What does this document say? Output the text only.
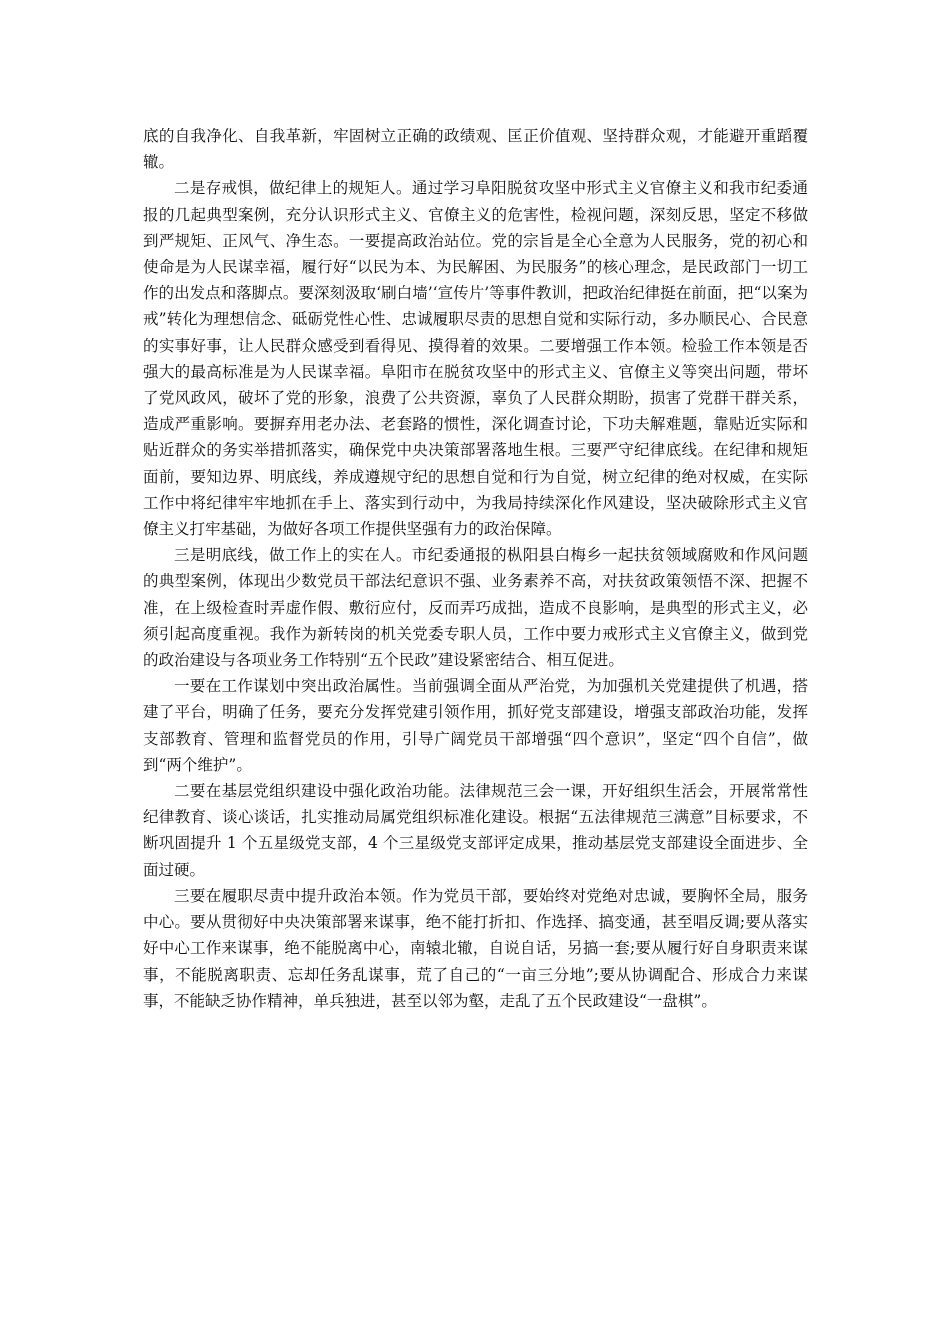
底的自我净化、自我革新，牢固树立正确的政绩观、匡正价值观、坚持群众观，才能避开重蹈覆辙。

二是存戒惧，做纪律上的规矩人。通过学习阜阳脱贫攻坚中形式主义官僚主义和我市纪委通报的几起典型案例，充分认识形式主义、官僚主义的危害性，检视问题，深刻反思，坚定不移做到严规矩、正风气、净生态。一要提高政治站位。党的宗旨是全心全意为人民服务，党的初心和使命是为人民谋幸福，履行好“以民为本、为民解困、为民服务”的核心理念，是民政部门一切工作的出发点和落脚点。要深刻汲取‘刷白墙’‘宣传片’等事件教训，把政治纪律挺在前面，把“以案为戒”转化为理想信念、砥砺党性心性、忠诚履职尽责的思想自觉和实际行动，多办顺民心、合民意的实事好事，让人民群众感受到看得见、摸得着的效果。二要增强工作本领。检验工作本领是否强大的最高标准是为人民谋幸福。阜阳市在脱贫攻坚中的形式主义、官僚主义等突出问题，带坏了党风政风，破坏了党的形象，浪费了公共资源，辜负了人民群众期盼，损害了党群干群关系，造成严重影响。要摒弃用老办法、老套路的惯性，深化调查讨论，下功夫解难题，靠贴近实际和贴近群众的务实举措抓落实，确保党中央决策部署落地生根。三要严守纪律底线。在纪律和规矩面前，要知边界、明底线，养成遵规守纪的思想自觉和行为自觉，树立纪律的绝对权威，在实际工作中将纪律牢牢地抓在手上、落实到行动中，为我局持续深化作风建设，坚决破除形式主义官僚主义打牢基础，为做好各项工作提供坚强有力的政治保障。

三是明底线，做工作上的实在人。市纪委通报的枞阳县白梅乡一起扶贫领域腐败和作风问题的典型案例，体现出少数党员干部法纪意识不强、业务素养不高，对扶贫政策领悟不深、把握不准，在上级检查时弄虚作假、敷衍应付，反而弄巧成拙，造成不良影响，是典型的形式主义，必须引起高度重视。我作为新转岗的机关党委专职人员，工作中要力戒形式主义官僚主义，做到党的政治建设与各项业务工作特别“五个民政”建设紧密结合、相互促进。

一要在工作谋划中突出政治属性。当前强调全面从严治党，为加强机关党建提供了机遇，搭建了平台，明确了任务，要充分发挥党建引领作用，抓好党支部建设，增强支部政治功能，发挥支部教育、管理和监督党员的作用，引导广阔党员干部增强“四个意识”，坚定“四个自信”，做到“两个维护”。

二要在基层党组织建设中强化政治功能。法律规范三会一课，开好组织生活会，开展常常性纪律教育、谈心谈话，扎实推动局属党组织标准化建设。根据“五法律规范三满意”目标要求，不断巩固提升 1 个五星级党支部，4 个三星级党支部评定成果，推动基层党支部建设全面进步、全面过硬。

三要在履职尽责中提升政治本领。作为党员干部，要始终对党绝对忠诚，要胸怀全局，服务中心。要从贯彻好中央决策部署来谋事，绝不能打折扣、作选择、搞变通，甚至唱反调;要从落实好中心工作来谋事，绝不能脱离中心，南辕北辙，自说自话，另搞一套;要从履行好自身职责来谋事，不能脱离职责、忘却任务乱谋事，荒了自己的“一亩三分地”;要从协调配合、形成合力来谋事，不能缺乏协作精神，单兵独进，甚至以邻为壑，走乱了五个民政建设“一盘棋”。
